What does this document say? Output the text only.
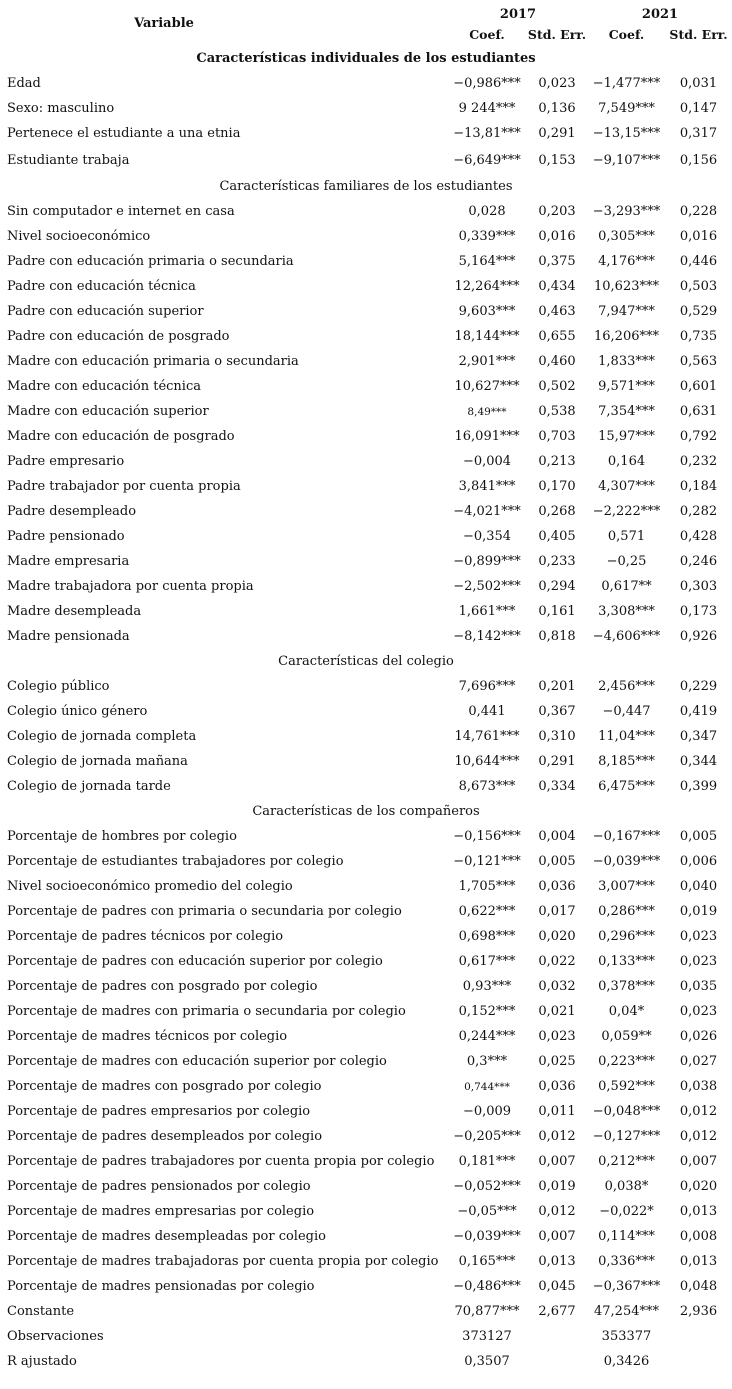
Variable	2017		2021	
	Coef.	Std. Err.	Coef.	Std. Err.
Características individuales de los estudiantes				
Edad	−0,986***	0,023	−1,477***	0,031
Sexo: masculino	9 244***	0,136	7,549***	0,147
Pertenece el estudiante a una etnia	−13,81***	0,291	−13,15***	0,317
Estudiante trabaja	−6,649***	0,153	−9,107***	0,156
Características familiares de los estudiantes				
Sin computador e internet en casa	0,028	0,203	−3,293***	0,228
Nivel socioeconómico	0,339***	0,016	0,305***	0,016
Padre con educación primaria o secundaria	5,164***	0,375	4,176***	0,446
Padre con educación técnica	12,264***	0,434	10,623***	0,503
Padre con educación superior	9,603***	0,463	7,947***	0,529
Padre con educación de posgrado	18,144***	0,655	16,206***	0,735
Madre con educación primaria o secundaria	2,901***	0,460	1,833***	0,563
Madre con educación técnica	10,627***	0,502	9,571***	0,601
Madre con educación superior	8,49***	0,538	7,354***	0,631
Madre con educación de posgrado	16,091***	0,703	15,97***	0,792
Padre empresario	−0,004	0,213	0,164	0,232
Padre trabajador por cuenta propia	3,841***	0,170	4,307***	0,184
Padre desempleado	−4,021***	0,268	−2,222***	0,282
Padre pensionado	−0,354	0,405	0,571	0,428
Madre empresaria	−0,899***	0,233	−0,25	0,246
Madre trabajadora por cuenta propia	−2,502***	0,294	0,617**	0,303
Madre desempleada	1,661***	0,161	3,308***	0,173
Madre pensionada	−8,142***	0,818	−4,606***	0,926
Características del colegio				
Colegio público	7,696***	0,201	2,456***	0,229
Colegio único género	0,441	0,367	−0,447	0,419
Colegio de jornada completa	14,761***	0,310	11,04***	0,347
Colegio de jornada mañana	10,644***	0,291	8,185***	0,344
Colegio de jornada tarde	8,673***	0,334	6,475***	0,399
Características de los compañeros				
Porcentaje de hombres por colegio	−0,156***	0,004	−0,167***	0,005
Porcentaje de estudiantes trabajadores por colegio	−0,121***	0,005	−0,039***	0,006
Nivel socioeconómico promedio del colegio	1,705***	0,036	3,007***	0,040
Porcentaje de padres con primaria o secundaria por colegio	0,622***	0,017	0,286***	0,019
Porcentaje de padres técnicos por colegio	0,698***	0,020	0,296***	0,023
Porcentaje de padres con educación superior por colegio	0,617***	0,022	0,133***	0,023
Porcentaje de padres con posgrado por colegio	0,93***	0,032	0,378***	0,035
Porcentaje de madres con primaria o secundaria por colegio	0,152***	0,021	0,04*	0,023
Porcentaje de madres técnicos por colegio	0,244***	0,023	0,059**	0,026
Porcentaje de madres con educación superior por colegio	0,3***	0,025	0,223***	0,027
Porcentaje de madres con posgrado por colegio	0,744***	0,036	0,592***	0,038
Porcentaje de padres empresarios por colegio	−0,009	0,011	−0,048***	0,012
Porcentaje de padres desempleados por colegio	−0,205***	0,012	−0,127***	0,012
Porcentaje de padres trabajadores por cuenta propia por colegio	0,181***	0,007	0,212***	0,007
Porcentaje de padres pensionados por colegio	−0,052***	0,019	0,038*	0,020
Porcentaje de madres empresarias por colegio	−0,05***	0,012	−0,022*	0,013
Porcentaje de madres desempleadas por colegio	−0,039***	0,007	0,114***	0,008
Porcentaje de madres trabajadoras por cuenta propia por colegio	0,165***	0,013	0,336***	0,013
Porcentaje de madres pensionadas por colegio	−0,486***	0,045	−0,367***	0,048
Constante	70,877***	2,677	47,254***	2,936
Observaciones	373127		353377	
R ajustado	0,3507		0,3426	
